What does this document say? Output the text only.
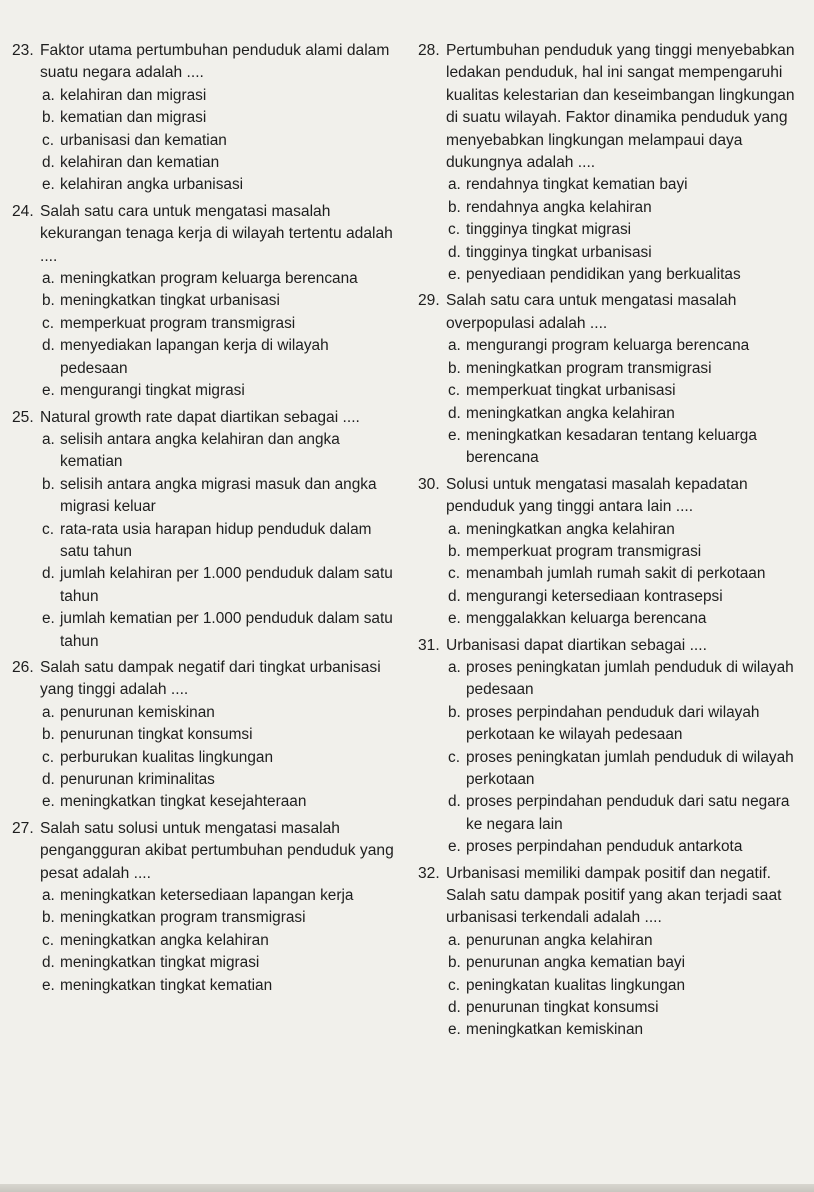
23. Faktor utama pertumbuhan penduduk alami dalam suatu negara adalah ....
a. kelahiran dan migrasi
b. kematian dan migrasi
c. urbanisasi dan kematian
d. kelahiran dan kematian
e. kelahiran angka urbanisasi
24. Salah satu cara untuk mengatasi masalah kekurangan tenaga kerja di wilayah tertentu adalah ....
a. meningkatkan program keluarga berencana
b. meningkatkan tingkat urbanisasi
c. memperkuat program transmigrasi
d. menyediakan lapangan kerja di wilayah pedesaan
e. mengurangi tingkat migrasi
25. Natural growth rate dapat diartikan sebagai ....
a. selisih antara angka kelahiran dan angka kematian
b. selisih antara angka migrasi masuk dan angka migrasi keluar
c. rata-rata usia harapan hidup penduduk dalam satu tahun
d. jumlah kelahiran per 1.000 penduduk dalam satu tahun
e. jumlah kematian per 1.000 penduduk dalam satu tahun
26. Salah satu dampak negatif dari tingkat urbanisasi yang tinggi adalah ....
a. penurunan kemiskinan
b. penurunan tingkat konsumsi
c. perburukan kualitas lingkungan
d. penurunan kriminalitas
e. meningkatkan tingkat kesejahteraan
27. Salah satu solusi untuk mengatasi masalah pengangguran akibat pertumbuhan penduduk yang pesat adalah ....
a. meningkatkan ketersediaan lapangan kerja
b. meningkatkan program transmigrasi
c. meningkatkan angka kelahiran
d. meningkatkan tingkat migrasi
e. meningkatkan tingkat kematian
28. Pertumbuhan penduduk yang tinggi menyebabkan ledakan penduduk, hal ini sangat mempengaruhi kualitas kelestarian dan keseimbangan lingkungan di suatu wilayah. Faktor dinamika penduduk yang menyebabkan lingkungan melampaui daya dukungnya adalah ....
a. rendahnya tingkat kematian bayi
b. rendahnya angka kelahiran
c. tingginya tingkat migrasi
d. tingginya tingkat urbanisasi
e. penyediaan pendidikan yang berkualitas
29. Salah satu cara untuk mengatasi masalah overpopulasi adalah ....
a. mengurangi program keluarga berencana
b. meningkatkan program transmigrasi
c. memperkuat tingkat urbanisasi
d. meningkatkan angka kelahiran
e. meningkatkan kesadaran tentang keluarga berencana
30. Solusi untuk mengatasi masalah kepadatan penduduk yang tinggi antara lain ....
a. meningkatkan angka kelahiran
b. memperkuat program transmigrasi
c. menambah jumlah rumah sakit di perkotaan
d. mengurangi ketersediaan kontrasepsi
e. menggalakkan keluarga berencana
31. Urbanisasi dapat diartikan sebagai ....
a. proses peningkatan jumlah penduduk di wilayah pedesaan
b. proses perpindahan penduduk dari wilayah perkotaan ke wilayah pedesaan
c. proses peningkatan jumlah penduduk di wilayah perkotaan
d. proses perpindahan penduduk dari satu negara ke negara lain
e. proses perpindahan penduduk antarkota
32. Urbanisasi memiliki dampak positif dan negatif. Salah satu dampak positif yang akan terjadi saat urbanisasi terkendali adalah ....
a. penurunan angka kelahiran
b. penurunan angka kematian bayi
c. peningkatan kualitas lingkungan
d. penurunan tingkat konsumsi
e. meningkatkan kemiskinan
